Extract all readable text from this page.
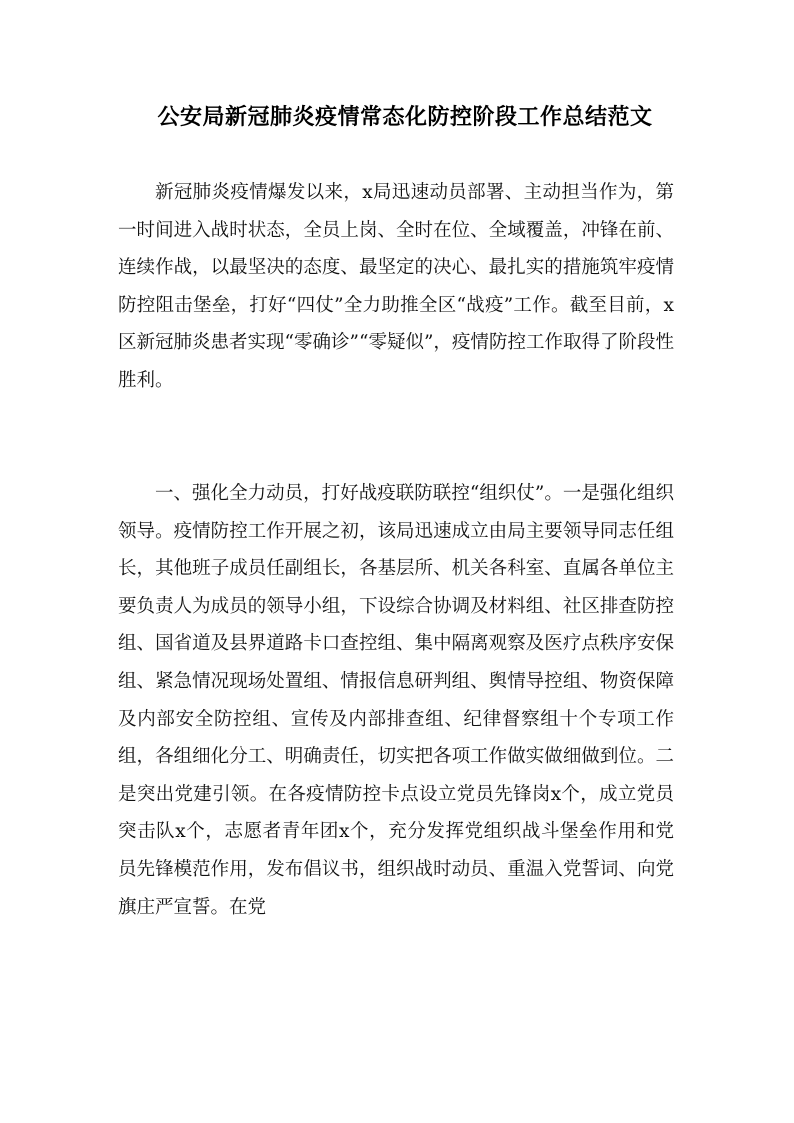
公安局新冠肺炎疫情常态化防控阶段工作总结范文

新冠肺炎疫情爆发以来，x局迅速动员部署、主动担当作为，第一时间进入战时状态，全员上岗、全时在位、全域覆盖，冲锋在前、连续作战，以最坚决的态度、最坚定的决心、最扎实的措施筑牢疫情防控阻击堡垒，打好“四仗”全力助推全区“战疫”工作。截至目前，x区新冠肺炎患者实现“零确诊”“零疑似”，疫情防控工作取得了阶段性胜利。

一、强化全力动员，打好战疫联防联控“组织仗”。一是强化组织领导。疫情防控工作开展之初，该局迅速成立由局主要领导同志任组长，其他班子成员任副组长，各基层所、机关各科室、直属各单位主要负责人为成员的领导小组，下设综合协调及材料组、社区排查防控组、国省道及县界道路卡口查控组、集中隔离观察及医疗点秩序安保组、紧急情况现场处置组、情报信息研判组、舆情导控组、物资保障及内部安全防控组、宣传及内部排查组、纪律督察组十个专项工作组，各组细化分工、明确责任，切实把各项工作做实做细做到位。二是突出党建引领。在各疫情防控卡点设立党员先锋岗x个，成立党员突击队x个，志愿者青年团x个，充分发挥党组织战斗堡垒作用和党员先锋模范作用，发布倡议书，组织战时动员、重温入党誓词、向党旗庄严宣誓。在党
